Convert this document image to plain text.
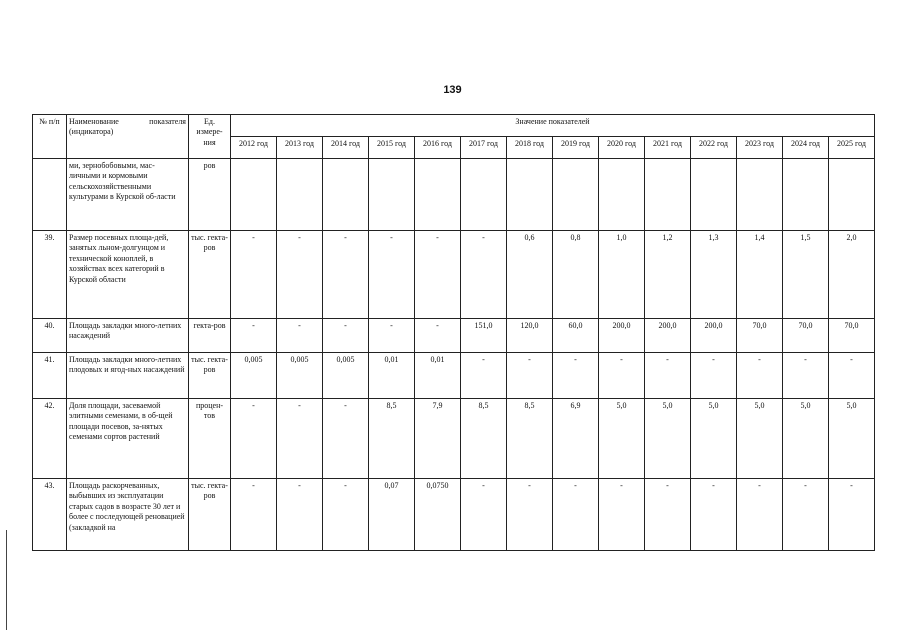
139
№ п/п	Наименование показателя (индикатора)	Ед. измере-ния	Значение показателей													
			2012 год	2013 год	2014 год	2015 год	2016 год	2017 год	2018 год	2019 год	2020 год	2021 год	2022 год	2023 год	2024 год	2025 год
	ми, зернобобовыми, мас-личными и кормовыми сельскохозяйственными культурами в Курской об-ласти	ров														
39.	Размер посевных площа-дей, занятых льном-долгунцом и технической коноплей, в хозяйствах всех категорий в Курской области	тыс. гекта-ров	-	-	-	-	-	-	0,6	0,8	1,0	1,2	1,3	1,4	1,5	2,0
40.	Площадь закладки много-летних насаждений	гекта-ров	-	-	-	-	-	151,0	120,0	60,0	200,0	200,0	200,0	70,0	70,0	70,0
41.	Площадь закладки много-летних плодовых и ягод-ных насаждений	тыс. гекта-ров	0,005	0,005	0,005	0,01	0,01	-	-	-	-	-	-	-	-	-
42.	Доля площади, засеваемой элитными семенами, в об-щей площади посевов, за-нятых семенами сортов растений	процен-тов	-	-	-	8,5	7,9	8,5	8,5	6,9	5,0	5,0	5,0	5,0	5,0	5,0
43.	Площадь раскорчеванных, выбывших из эксплуатации старых садов в возрасте 30 лет и более с последующей реновацией (закладкой на	тыс. гекта-ров	-	-	-	0,07	0,0750	-	-	-	-	-	-	-	-	-
